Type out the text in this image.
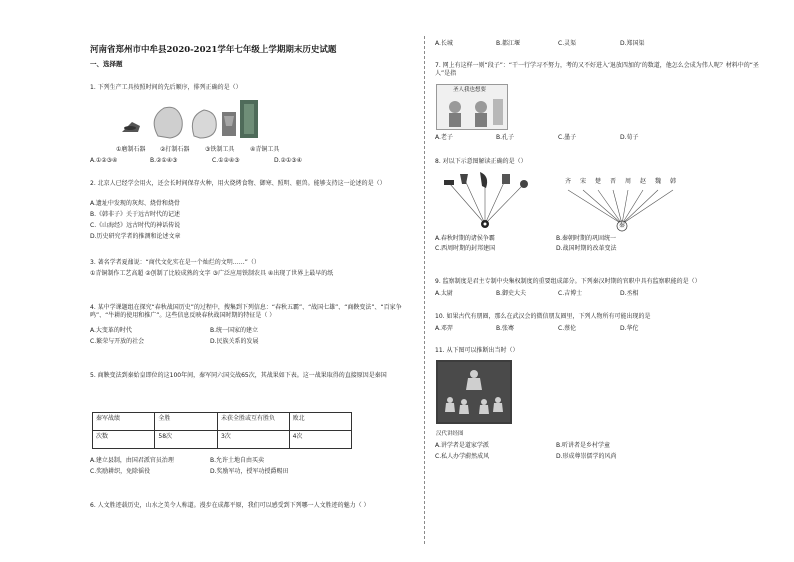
河南省郑州市中牟县2020-2021学年七年级上学期期末历史试题
一、选择题
1. 下列生产工具按照时间的先后顺序，排列正确的是（）
①磨制石器 ②打制石器	③铁制工具	④青铜工具
A.①②③④	B.②①④③	C.①②④③	D.②①③④
2. 北京人已经学会用火，还会长时间保存火种，用火烧烤食物、御寒、照明、驱兽。能够支持这一论述的是（）
A.遗址中发现的灰烬、烧骨和烧骨
B.《韩非子》关于远古时代的记述
C.《山海经》远古时代的神话传说
D.历史研究学者的推测和论述文章
3. 著名学者夏鼐说：“商代文化实在是一个灿烂的文明……”（）
①青铜制作工艺高超 ②创制了比较成熟的文字 ③广泛应用铁制农具 ④出现了世界上最早的纸
4. 某中学课题组在探究“春秋战国历史”的过程中，搜集到下列信息：“春秋五霸”、“战国七雄”、“商鞅变法”、“百家争鸣”、“牛耕的使用和推广”。这些信息反映春秋战国时期的特征是（ ）
A.大变革的时代	B.统一国家的建立
C.繁荣与开放的社会	D.民族关系的发展
5. 商鞅变法到秦始皇即位的这100年间，秦军同六国交战65次，其战果如下表。这一战果取得的直接原因是秦国
秦军战绩	全胜	未获全胜或互有胜负	败北
次数	58次	3次	4次
A.建立县制，由国君派官员治理	B.允许土地自由买卖
C.奖励耕织，免除徭役	D.奖励军功，授军功授爵赐田
6. 人文胜迹载历史，山水之美令人称道。漫步在成都平原，我们可以感受到下列哪一人文胜迹的魅力（ ）
A.长城	B.都江堰	C.灵渠	D.郑国渠
7. 网上有这样一则“段子”：“干一行学习不努力，考的又不好进入‘退放四加的’的数道，他怎么会成为伟人呢？材料中的“圣人”是指
圣人我也想要
A.老子	B.孔子	C.墨子	D.荀子
8. 对以下示意图解读正确的是（）
齐 宋 楚 晋 周 赵 魏 韩
秦
A.春秋时期的诸侯争霸	B.秦朝时期的巩固统一
C.西周时期的封邦建国	D.战国时期的改革变法
9. 监察制度是君主专制中央集权制度的重要组成部分。下列秦汉时期的官职中具有监察职能的是（）
A.太尉	B.御史大夫	C.吉博士	D.丞相
10. 如果古代有朋圈，那么在武汉会的微信朋友圈里，下列人物所有可能出现的是
A.邓羿	B.张骞	C.蔡伦	D.华佗
11. 从下图可以推断出当时（）
汉代讲经图
A.讲学者是道家学派	B.听讲者是乡村学童
C.私人办学蔚然成风	D.形成尊崇儒学的风尚
